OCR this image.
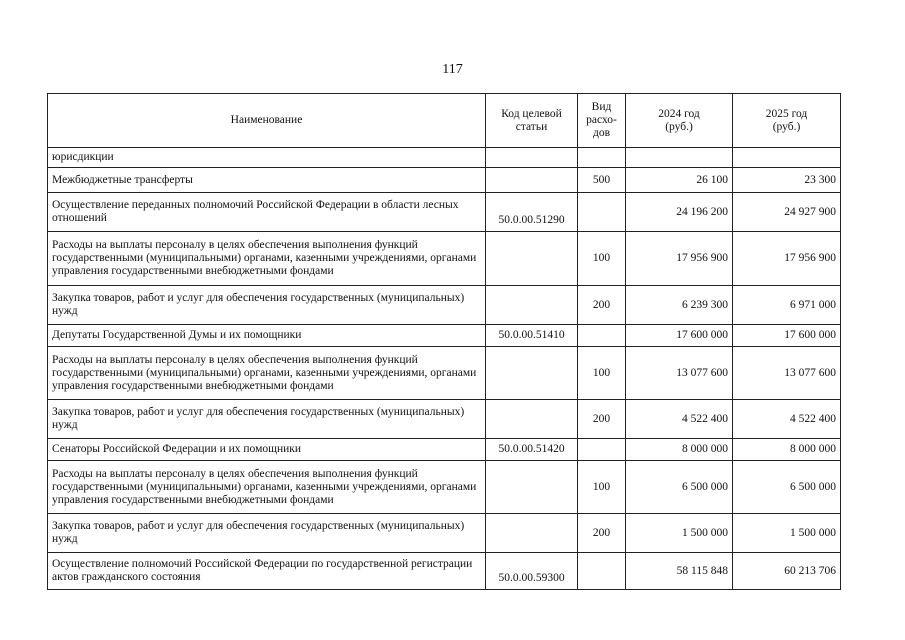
117
Наименование	Код целевой статьи	Вид расхо-дов	2024 год (руб.)	2025 год (руб.)
юрисдикции				
Межбюджетные трансферты		500	26 100	23 300
Осуществление переданных полномочий Российской Федерации в области лесных отношений	50.0.00.51290		24 196 200	24 927 900
Расходы на выплаты персоналу в целях обеспечения выполнения функций государственными (муниципальными) органами, казенными учреждениями, органами управления государственными внебюджетными фондами		100	17 956 900	17 956 900
Закупка товаров, работ и услуг для обеспечения государственных (муниципальных) нужд		200	6 239 300	6 971 000
Депутаты Государственной Думы и их помощники	50.0.00.51410		17 600 000	17 600 000
Расходы на выплаты персоналу в целях обеспечения выполнения функций государственными (муниципальными) органами, казенными учреждениями, органами управления государственными внебюджетными фондами		100	13 077 600	13 077 600
Закупка товаров, работ и услуг для обеспечения государственных (муниципальных) нужд		200	4 522 400	4 522 400
Сенаторы Российской Федерации и их помощники	50.0.00.51420		8 000 000	8 000 000
Расходы на выплаты персоналу в целях обеспечения выполнения функций государственными (муниципальными) органами, казенными учреждениями, органами управления государственными внебюджетными фондами		100	6 500 000	6 500 000
Закупка товаров, работ и услуг для обеспечения государственных (муниципальных) нужд		200	1 500 000	1 500 000
Осуществление полномочий Российской Федерации по государственной регистрации актов гражданского состояния	50.0.00.59300		58 115 848	60 213 706
